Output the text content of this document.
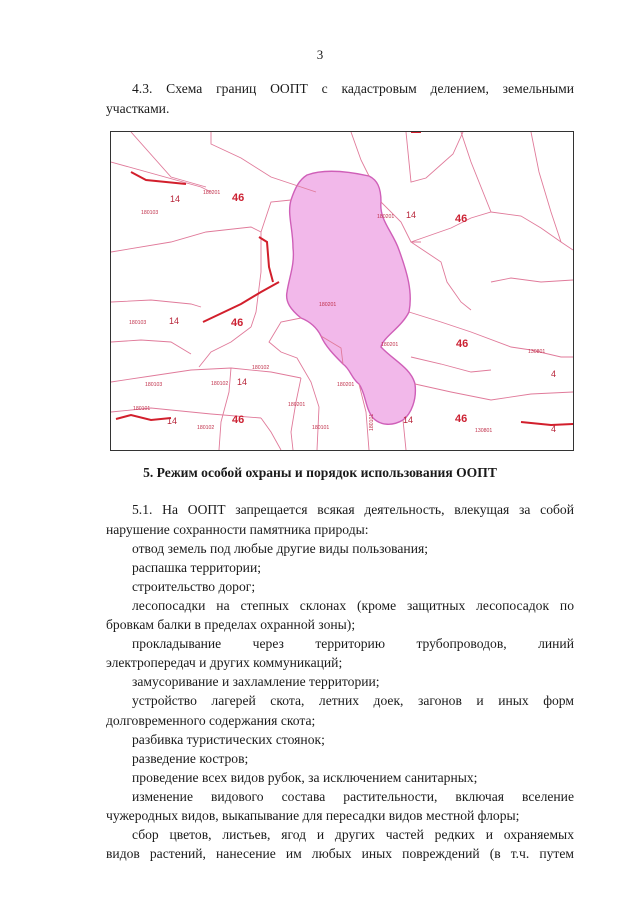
3
4.3. Схема границ ООПТ с кадастровым делением, земельными
участками.
46
46
46
46
46	46
14
14
14
14
14	14
4
4
180201
180103
180201
180103
180201
180201
130801
180102
180103	180102	180201
180201
180101
180102	180101	180101	130801
5. Режим особой охраны и порядок использования ООПТ
5.1. На ООПТ запрещается всякая деятельность, влекущая за собой
нарушение сохранности памятника природы:
отвод земель под любые другие виды пользования;
распашка территории;
строительство дорог;
лесопосадки на степных склонах (кроме защитных лесопосадок по
бровкам балки в пределах охранной зоны);
прокладывание через территорию трубопроводов, линий
электропередач и других коммуникаций;
замусоривание и захламление территории;
устройство лагерей скота, летних доек, загонов и иных форм
долговременного содержания скота;
разбивка туристических стоянок;
разведение костров;
проведение всех видов рубок, за исключением санитарных;
изменение видового состава растительности, включая вселение
чужеродных видов, выкапывание для пересадки видов местной флоры;
сбор цветов, листьев, ягод и других частей редких и охраняемых
видов растений, нанесение им любых иных повреждений (в т.ч. путем
